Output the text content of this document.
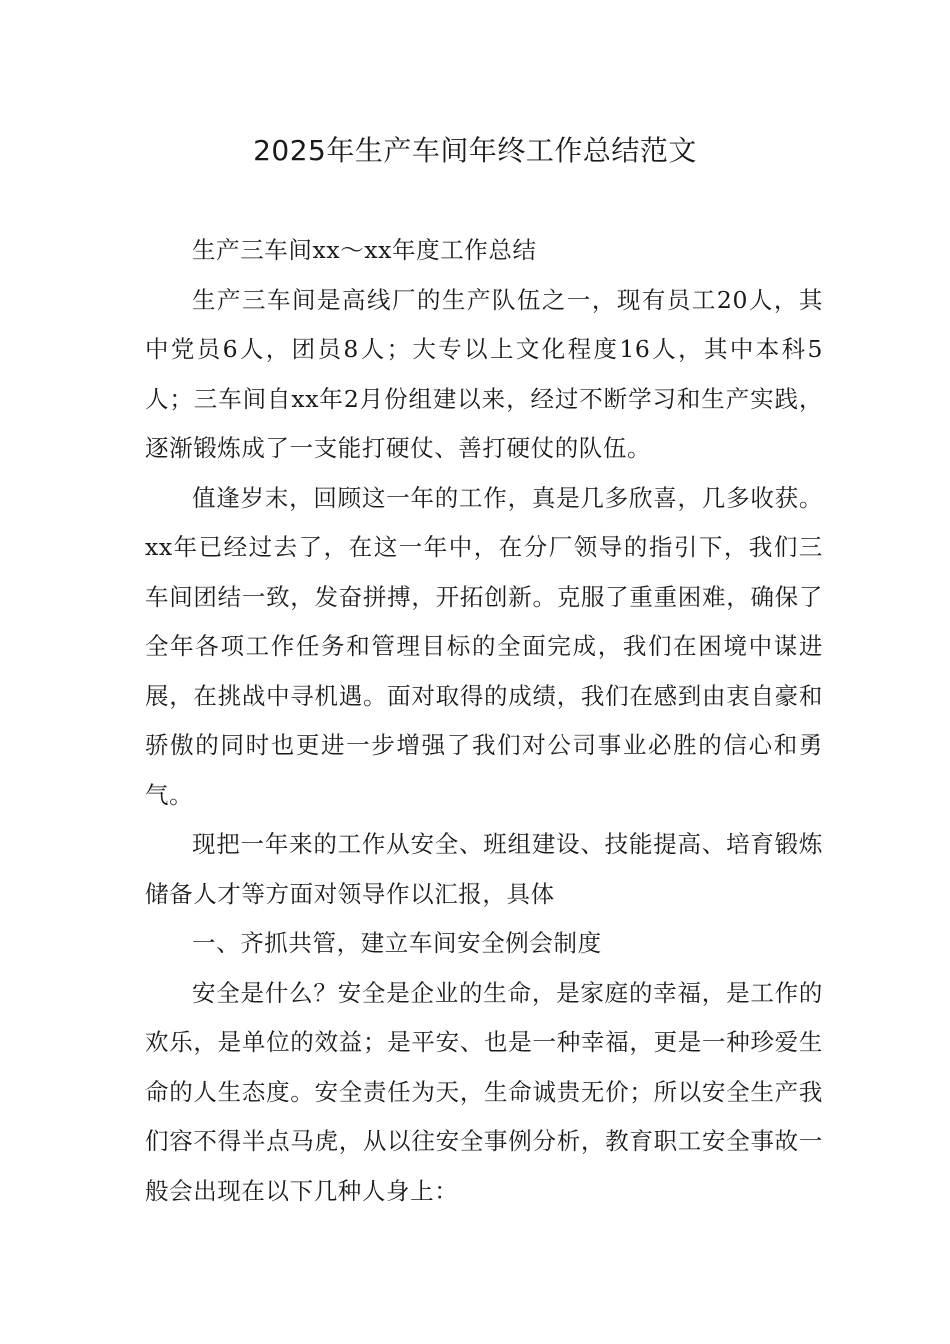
2025年生产车间年终工作总结范文

生产三车间xx～xx年度工作总结

生产三车间是高线厂的生产队伍之一，现有员工20人，其中党员6人，团员8人；大专以上文化程度16人，其中本科5人；三车间自xx年2月份组建以来，经过不断学习和生产实践，逐渐锻炼成了一支能打硬仗、善打硬仗的队伍。

值逢岁末，回顾这一年的工作，真是几多欣喜，几多收获。xx年已经过去了，在这一年中，在分厂领导的指引下，我们三车间团结一致，发奋拼搏，开拓创新。克服了重重困难，确保了全年各项工作任务和管理目标的全面完成，我们在困境中谋进展，在挑战中寻机遇。面对取得的成绩，我们在感到由衷自豪和骄傲的同时也更进一步增强了我们对公司事业必胜的信心和勇气。

现把一年来的工作从安全、班组建设、技能提高、培育锻炼储备人才等方面对领导作以汇报，具体

一、齐抓共管，建立车间安全例会制度

安全是什么？安全是企业的生命，是家庭的幸福，是工作的欢乐，是单位的效益；是平安、也是一种幸福，更是一种珍爱生命的人生态度。安全责任为天，生命诚贵无价；所以安全生产我们容不得半点马虎，从以往安全事例分析，教育职工安全事故一般会出现在以下几种人身上：
